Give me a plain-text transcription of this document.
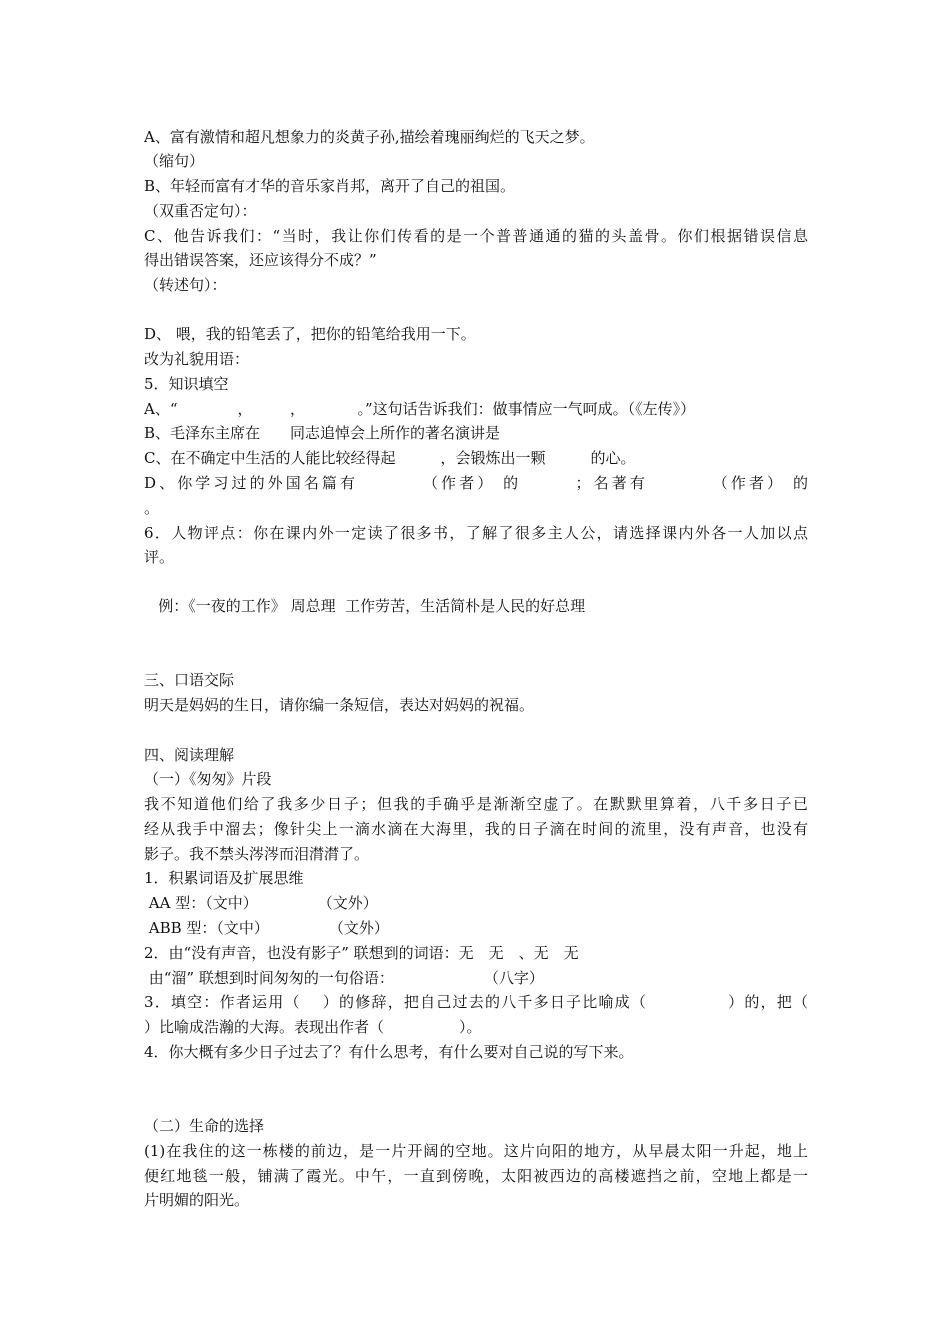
A、富有激情和超凡想象力的炎黄子孙,描绘着瑰丽绚烂的飞天之梦。
（缩句）
B、年轻而富有才华的音乐家肖邦，离开了自己的祖国。
（双重否定句）：
C、他告诉我们：“当时，我让你们传看的是一个普普通通的猫的头盖骨。你们根据错误信息
得出错误答案，还应该得分不成？”
（转述句）：
D、 喂，我的铅笔丢了，把你的铅笔给我用一下。
改为礼貌用语：
5．知识填空
A、“　　　　，　　　，　　　　。”这句话告诉我们：做事情应一气呵成。（《左传》）
B、毛泽东主席在　　同志追悼会上所作的著名演讲是
C、在不确定中生活的人能比较经得起　　　，会锻炼出一颗　　　的心。
D、你学习过的外国名篇有　　　　（作者） 的　　　；名著有　　　　（作者） 的
。
6．人物评点：你在课内外一定读了很多书，了解了很多主人公，请选择课内外各一人加以点
评。
例：《一夜的工作》 周总理  工作劳苦，生活简朴是人民的好总理
三、口语交际
明天是妈妈的生日，请你编一条短信，表达对妈妈的祝福。
四、阅读理解
（一）《匆匆》片段
我不知道他们给了我多少日子；但我的手确乎是渐渐空虚了。在默默里算着，八千多日子已
经从我手中溜去；像针尖上一滴水滴在大海里，我的日子滴在时间的流里，没有声音，也没有
影子。我不禁头涔涔而泪潸潸了。
1．积累词语及扩展思维
AA 型：（文中）　　　　　（文外）
ABB 型：（文中）　　　　　（文外）
2．由“没有声音，也没有影子” 联想到的词语：无　无　、无　无
由“溜” 联想到时间匆匆的一句俗语：　　　　　　　（八字）
3．填空：作者运用（　 ）的修辞，把自己过去的八千多日子比喻成（　　　　　）的，把（
）比喻成浩瀚的大海。表现出作者（　　　　　）。
4．你大概有多少日子过去了？有什么思考，有什么要对自己说的写下来。
（二）生命的选择
(1)在我住的这一栋楼的前边，是一片开阔的空地。这片向阳的地方，从早晨太阳一升起，地上
便红地毯一般，铺满了霞光。中午，一直到傍晚，太阳被西边的高楼遮挡之前，空地上都是一
片明媚的阳光。
